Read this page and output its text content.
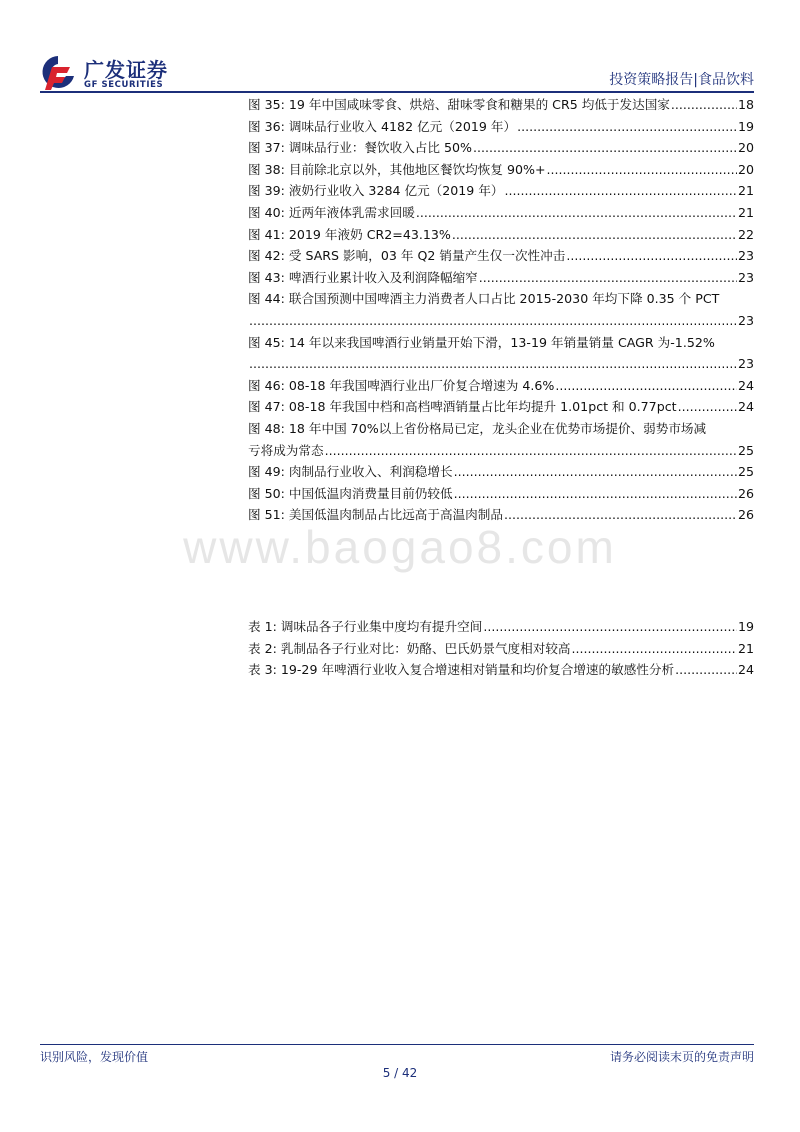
广发证券
GF SECURITIES	投资策略报告|食品饮料
图 35: 19 年中国咸味零食、烘焙、甜味零食和糖果的 CR5 均低于发达国家 .....	18
图 36: 调味品行业收入 4182 亿元（2019 年） .....	19
图 37: 调味品行业：餐饮收入占比 50% .....	20
图 38: 目前除北京以外，其他地区餐饮均恢复 90%+ .....	20
图 39: 液奶行业收入 3284 亿元（2019 年） .....	21
图 40: 近两年液体乳需求回暖 .....	21
图 41: 2019 年液奶 CR2=43.13% .....	22
图 42: 受 SARS 影响，03 年 Q2 销量产生仅一次性冲击 .....	23
图 43: 啤酒行业累计收入及利润降幅缩窄 .....	23
图 44: 联合国预测中国啤酒主力消费者人口占比 2015-2030 年均下降 0.35 个 PCT
.....
23
图 45: 14 年以来我国啤酒行业销量开始下滑，13-19 年销量销量 CAGR 为-1.52%
.....
23
图 46: 08-18 年我国啤酒行业出厂价复合增速为 4.6% .....	24
图 47: 08-18 年我国中档和高档啤酒销量占比年均提升 1.01pct 和 0.77pct .....	24
图 48: 18 年中国 70%以上省份格局已定，龙头企业在优势市场提价、弱势市场减
亏将成为常态 .....	25
图 49: 肉制品行业收入、利润稳增长 .....	25
图 50: 中国低温肉消费量目前仍较低 .....	26
图 51: 美国低温肉制品占比远高于高温肉制品 .....	26
表 1: 调味品各子行业集中度均有提升空间 .....	19
表 2: 乳制品各子行业对比：奶酪、巴氏奶景气度相对较高 .....	21
表 3: 19-29 年啤酒行业收入复合增速相对销量和均价复合增速的敏感性分析 .....	24
www.baogao8.com
识别风险，发现价值	请务必阅读末页的免责声明
5 / 42
